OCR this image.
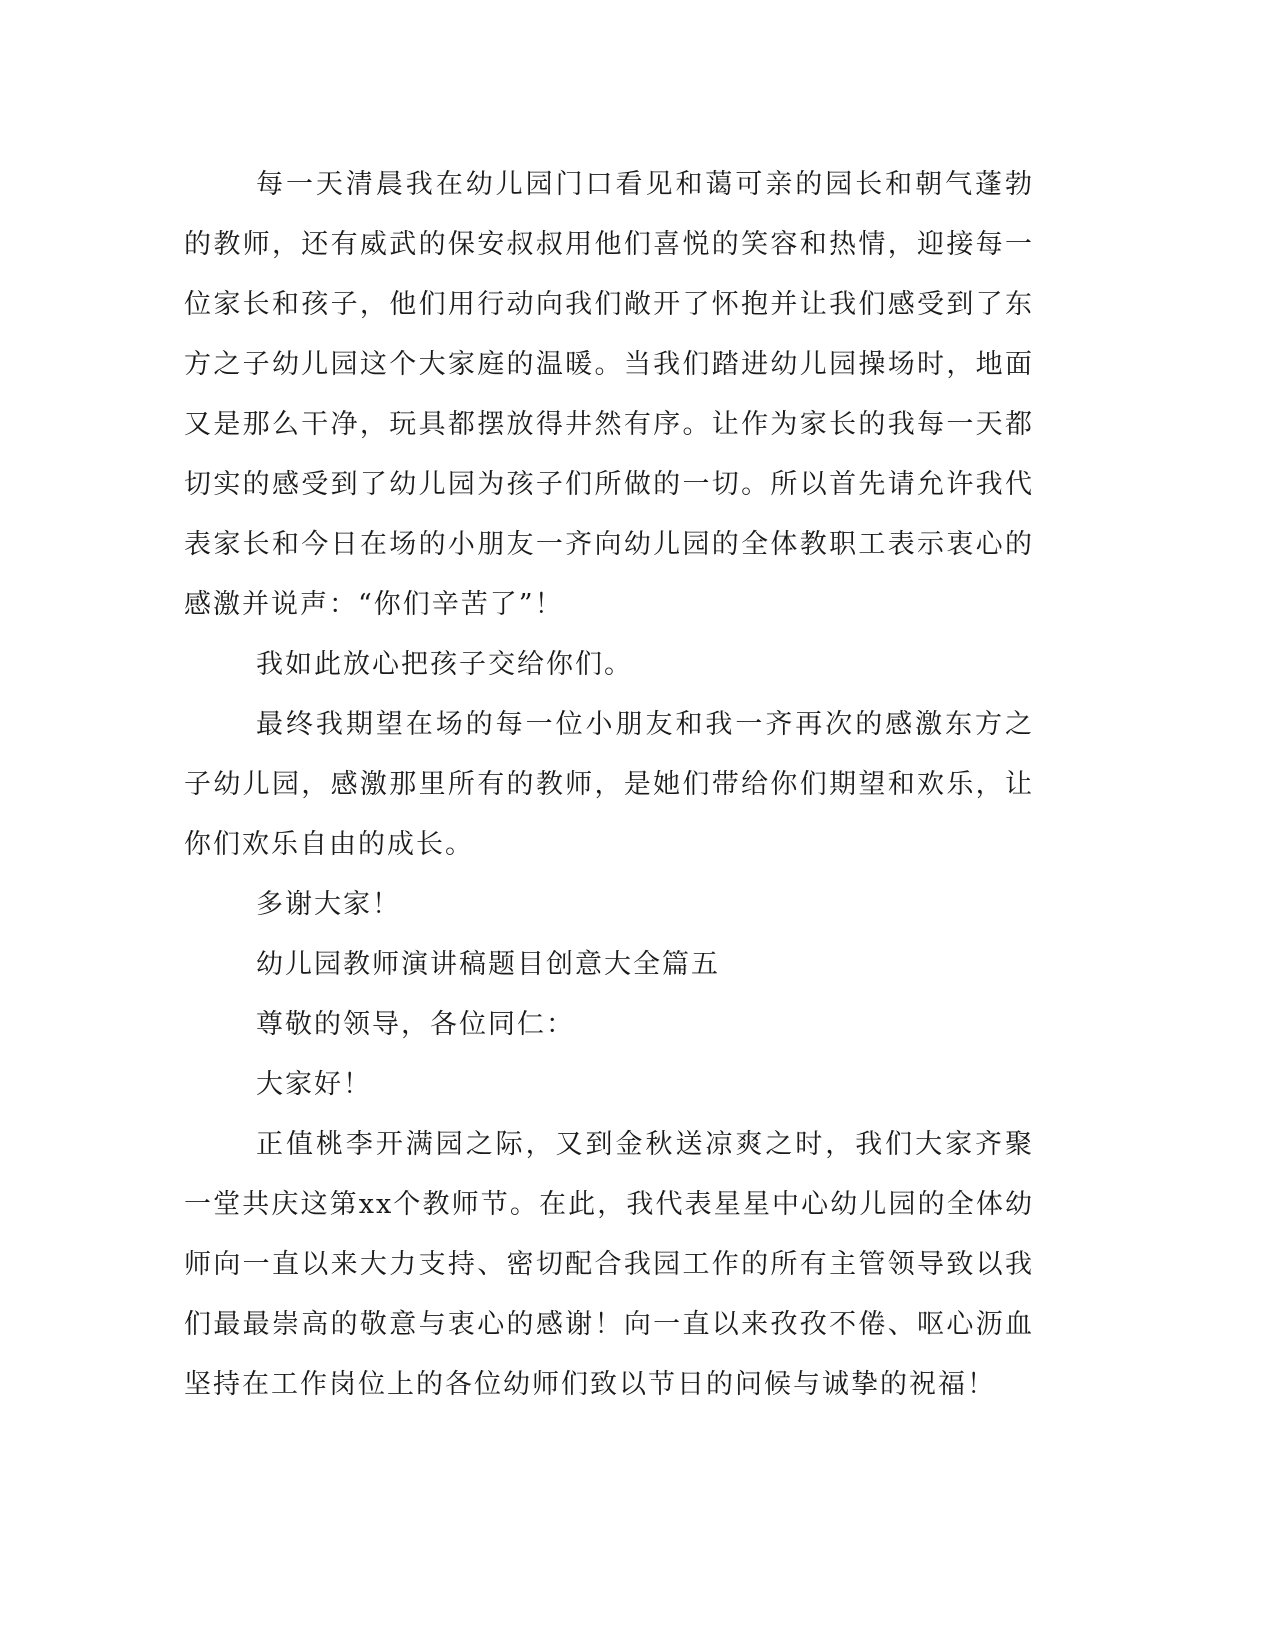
每一天清晨我在幼儿园门口看见和蔼可亲的园长和朝气蓬勃的教师，还有威武的保安叔叔用他们喜悦的笑容和热情，迎接每一位家长和孩子，他们用行动向我们敞开了怀抱并让我们感受到了东方之子幼儿园这个大家庭的温暖。当我们踏进幼儿园操场时，地面又是那么干净，玩具都摆放得井然有序。让作为家长的我每一天都切实的感受到了幼儿园为孩子们所做的一切。所以首先请允许我代表家长和今日在场的小朋友一齐向幼儿园的全体教职工表示衷心的感激并说声：“你们辛苦了”！

我如此放心把孩子交给你们。

最终我期望在场的每一位小朋友和我一齐再次的感激东方之子幼儿园，感激那里所有的教师，是她们带给你们期望和欢乐，让你们欢乐自由的成长。

多谢大家！

幼儿园教师演讲稿题目创意大全篇五

尊敬的领导，各位同仁：

大家好！

正值桃李开满园之际，又到金秋送凉爽之时，我们大家齐聚一堂共庆这第xx个教师节。在此，我代表星星中心幼儿园的全体幼师向一直以来大力支持、密切配合我园工作的所有主管领导致以我们最最崇高的敬意与衷心的感谢！向一直以来孜孜不倦、呕心沥血坚持在工作岗位上的各位幼师们致以节日的问候与诚挚的祝福！
